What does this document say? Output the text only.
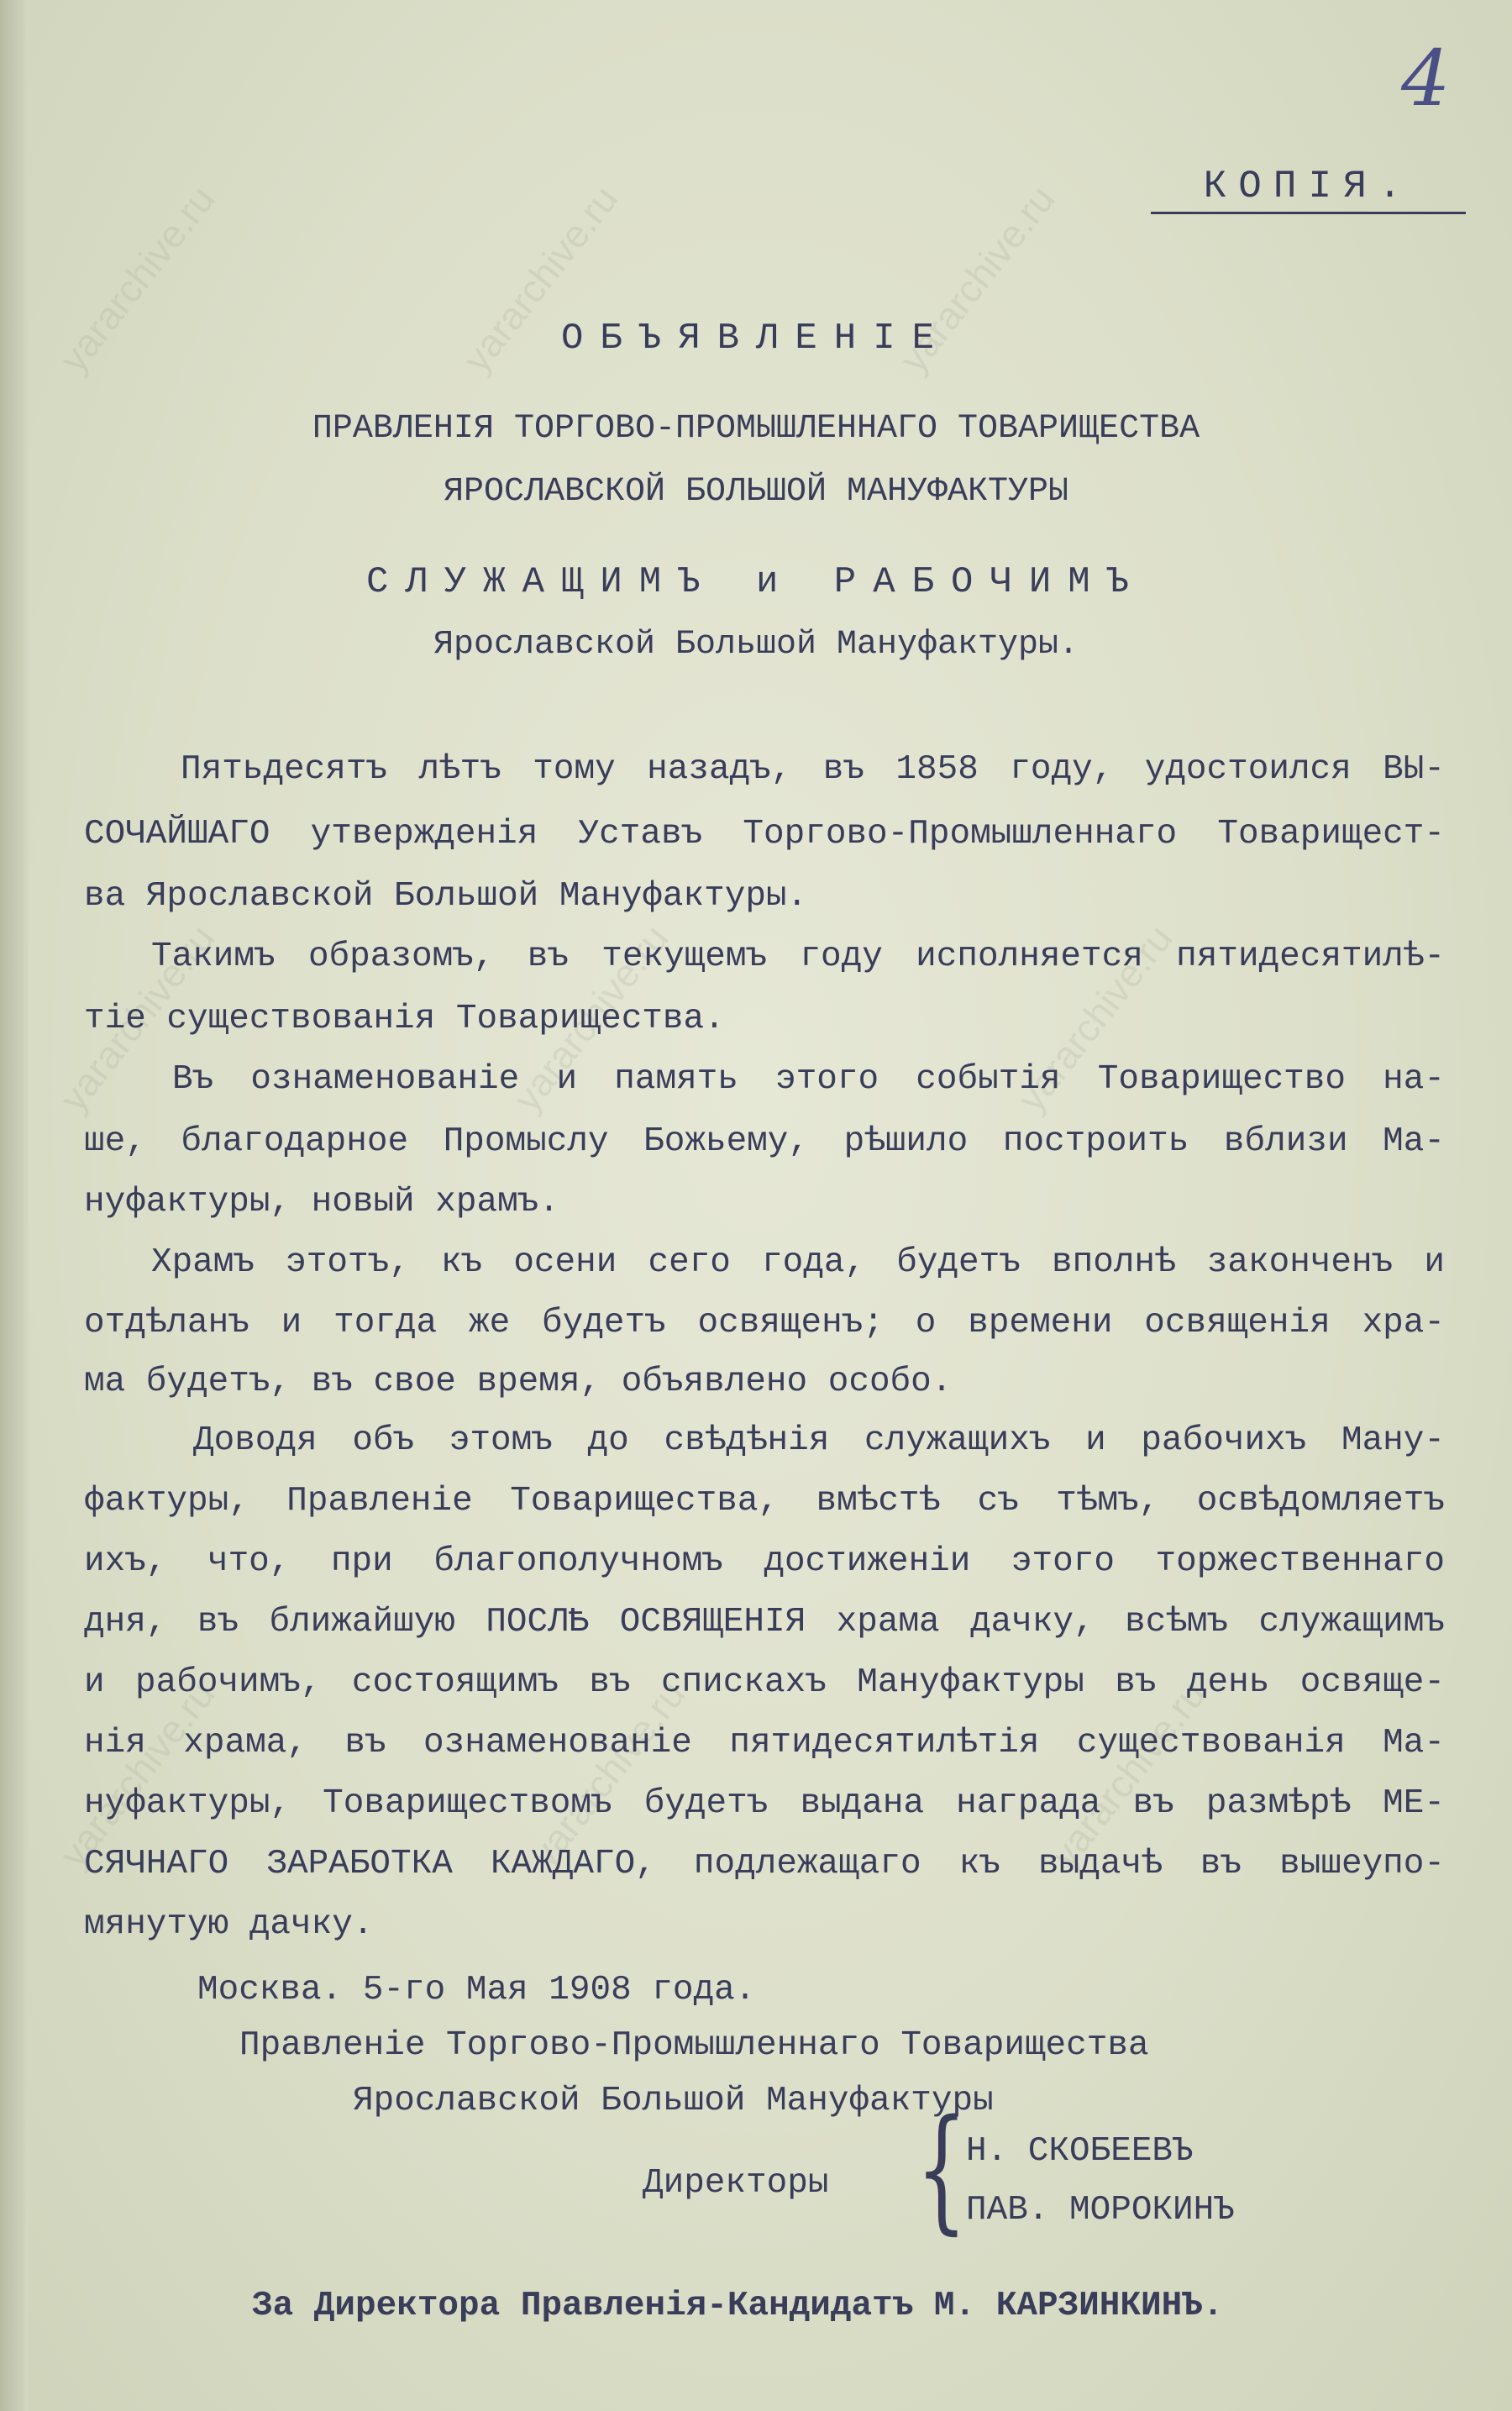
yararchive.ru	yararchive.ru	yararchive.ru
yararchive.ru	yararchive.ru	yararchive.ru
yararchive.ru	yararchive.ru	yararchive.ru
4
КОПІЯ.
ОБЪЯВЛЕНІЕ
ПРАВЛЕНІЯ ТОРГОВО-ПРОМЫШЛЕННАГО ТОВАРИЩЕСТВА
ЯРОСЛАВСКОЙ БОЛЬШОЙ МАНУФАКТУРЫ
СЛУЖАЩИМЪ и РАБОЧИМЪ
Ярославской Большой Мануфактуры.
Пятьдесятъ лѣтъ тому назадъ, въ 1858 году, удостоился ВЫ-
СОЧАЙШАГО утвержденія Уставъ Торгово-Промышленнаго Товарищест-
ва Ярославской Большой Мануфактуры.
Такимъ образомъ, въ текущемъ году исполняется пятидесятилѣ-
тіе существованія Товарищества.
Въ ознаменованіе и память этого событія Товарищество на-
ше, благодарное Промыслу Божьему, рѣшило построить вблизи Ма-
нуфактуры, новый храмъ.
Храмъ этотъ, къ осени сего года, будетъ вполнѣ законченъ и
отдѣланъ и тогда же будетъ освященъ; о времени освященія хра-
ма будетъ, въ свое время, объявлено особо.
Доводя объ этомъ до свѣдѣнія служащихъ и рабочихъ Ману-
фактуры, Правленіе Товарищества, вмѣстѣ съ тѣмъ, освѣдомляетъ
ихъ, что, при благополучномъ достиженіи этого торжественнаго
дня, въ ближайшую ПОСЛѢ ОСВЯЩЕНІЯ храма дачку, всѣмъ служащимъ
и рабочимъ, состоящимъ въ спискахъ Мануфактуры въ день освяще-
нія храма, въ ознаменованіе пятидесятилѣтія существованія Ма-
нуфактуры, Товариществомъ будетъ выдана награда въ размѣрѣ МЕ-
СЯЧНАГО ЗАРАБОТКА КАЖДАГО, подлежащаго къ выдачѣ въ вышеупо-
мянутую дачку.
Москва. 5-го Мая 1908 года.
Правленіе Торгово-Промышленнаго Товарищества
Ярославской Большой Мануфактуры
Директоры {
Н. СКОБЕЕВЪ
ПАВ. МОРОКИНЪ
За Директора Правленія-Кандидатъ М. КАРЗИНКИНЪ.
